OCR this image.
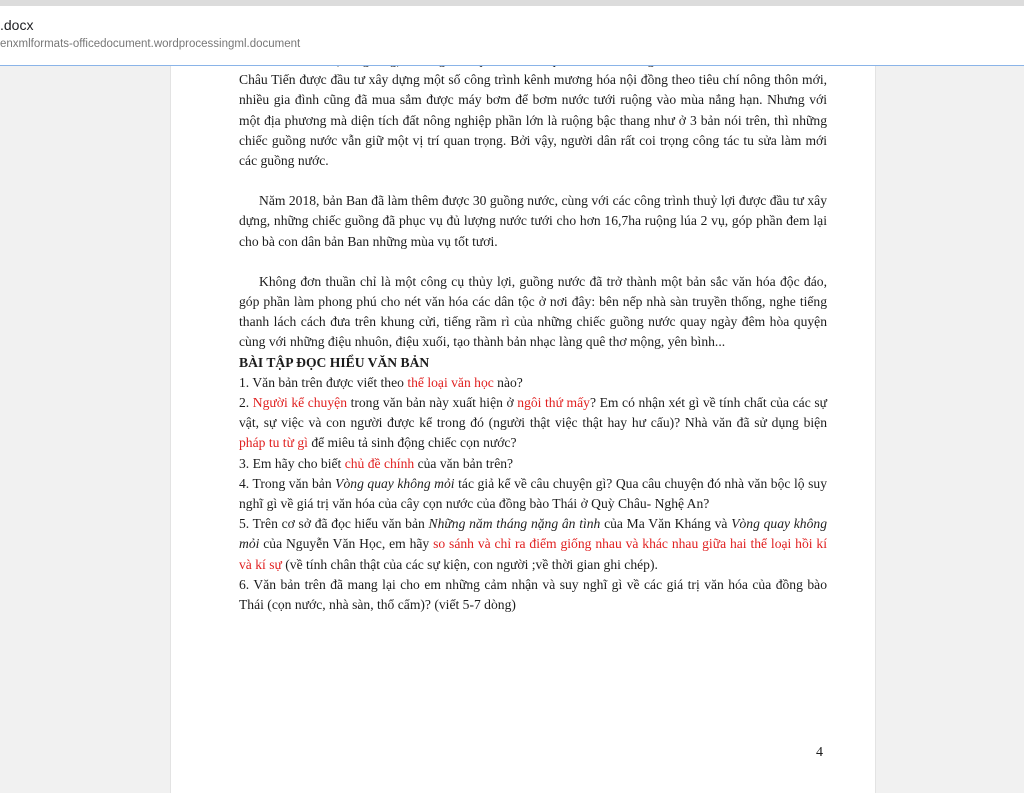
.docx
enxmlformats-officedocument.wordprocessingml.document

Châu Tiến được đầu tư xây dựng một số công trình kênh mương hóa nội đồng theo tiêu chí nông thôn mới, nhiều gia đình cũng đã mua sắm được máy bơm để bơm nước tưới ruộng vào mùa nắng hạn. Nhưng với một địa phương mà diện tích đất nông nghiệp phần lớn là ruộng bậc thang như ở 3 bản nói trên, thì những chiếc guồng nước vẫn giữ một vị trí quan trọng. Bởi vậy, người dân rất coi trọng công tác tu sửa làm mới các guồng nước.

Năm 2018, bản Ban đã làm thêm được 30 guồng nước, cùng với các công trình thuỷ lợi được đầu tư xây dựng, những chiếc guồng đã phục vụ đủ lượng nước tưới cho hơn 16,7ha ruộng lúa 2 vụ, góp phần đem lại cho bà con dân bản Ban những mùa vụ tốt tươi.

Không đơn thuần chỉ là một công cụ thủy lợi, guồng nước đã trở thành một bản sắc văn hóa độc đáo, góp phần làm phong phú cho nét văn hóa các dân tộc ở nơi đây: bên nếp nhà sàn truyền thống, nghe tiếng thanh lách cách đưa trên khung cửi, tiếng rầm rì của những chiếc guồng nước quay ngày đêm hòa quyện cùng với những điệu nhuôn, điệu xuối, tạo thành bản nhạc làng quê thơ mộng, yên bình...

BÀI TẬP ĐỌC HIỂU VĂN BẢN

1. Văn bản trên được viết theo thể loại văn học nào?

2. Người kể chuyện trong văn bản này xuất hiện ở ngôi thứ mấy? Em có nhận xét gì về tính chất của các sự vật, sự việc và con người được kể trong đó (người thật việc thật hay hư cấu)? Nhà văn đã sử dụng biện pháp tu từ gì để miêu tả sinh động chiếc cọn nước?

3. Em hãy cho biết chủ đề chính của văn bản trên?

4. Trong văn bản Vòng quay không mỏi tác giả kể về câu chuyện gì? Qua câu chuyện đó nhà văn bộc lộ suy nghĩ gì về giá trị văn hóa của cây cọn nước của đồng bào Thái ở Quỳ Châu- Nghệ An?

5. Trên cơ sở đã đọc hiểu văn bản Những năm tháng nặng ân tình của Ma Văn Kháng và Vòng quay không mỏi của Nguyễn Văn Học, em hãy so sánh và chỉ ra điểm giống nhau và khác nhau giữa hai thể loại hồi kí và kí sự (về tính chân thật của các sự kiện, con người ;về thời gian ghi chép).

6. Văn bản trên đã mang lại cho em những cảm nhận và suy nghĩ gì về các giá trị văn hóa của đồng bào Thái (cọn nước, nhà sàn, thổ cẩm)? (viết 5-7 dòng)

4
